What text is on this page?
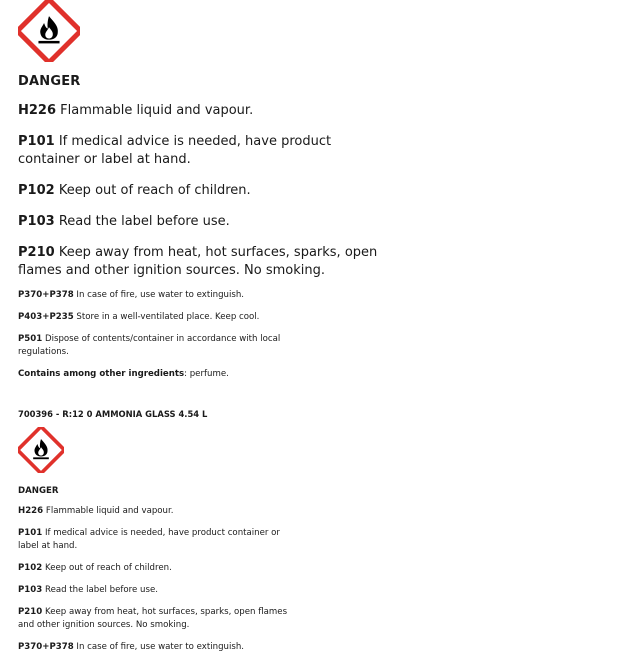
DANGER
H226 Flammable liquid and vapour.
P101 If medical advice is needed, have product container or label at hand.
P102 Keep out of reach of children.
P103 Read the label before use.
P210 Keep away from heat, hot surfaces, sparks, open flames and other ignition sources. No smoking.
P370+P378 In case of fire, use water to extinguish.
P403+P235 Store in a well-ventilated place. Keep cool.
P501 Dispose of contents/container in accordance with local regulations.
Contains among other ingredients: perfume.
700396 - R:12 0 AMMONIA GLASS 4.54 L
DANGER
H226 Flammable liquid and vapour.
P101 If medical advice is needed, have product container or label at hand.
P102 Keep out of reach of children.
P103 Read the label before use.
P210 Keep away from heat, hot surfaces, sparks, open flames and other ignition sources. No smoking.
P370+P378 In case of fire, use water to extinguish.
